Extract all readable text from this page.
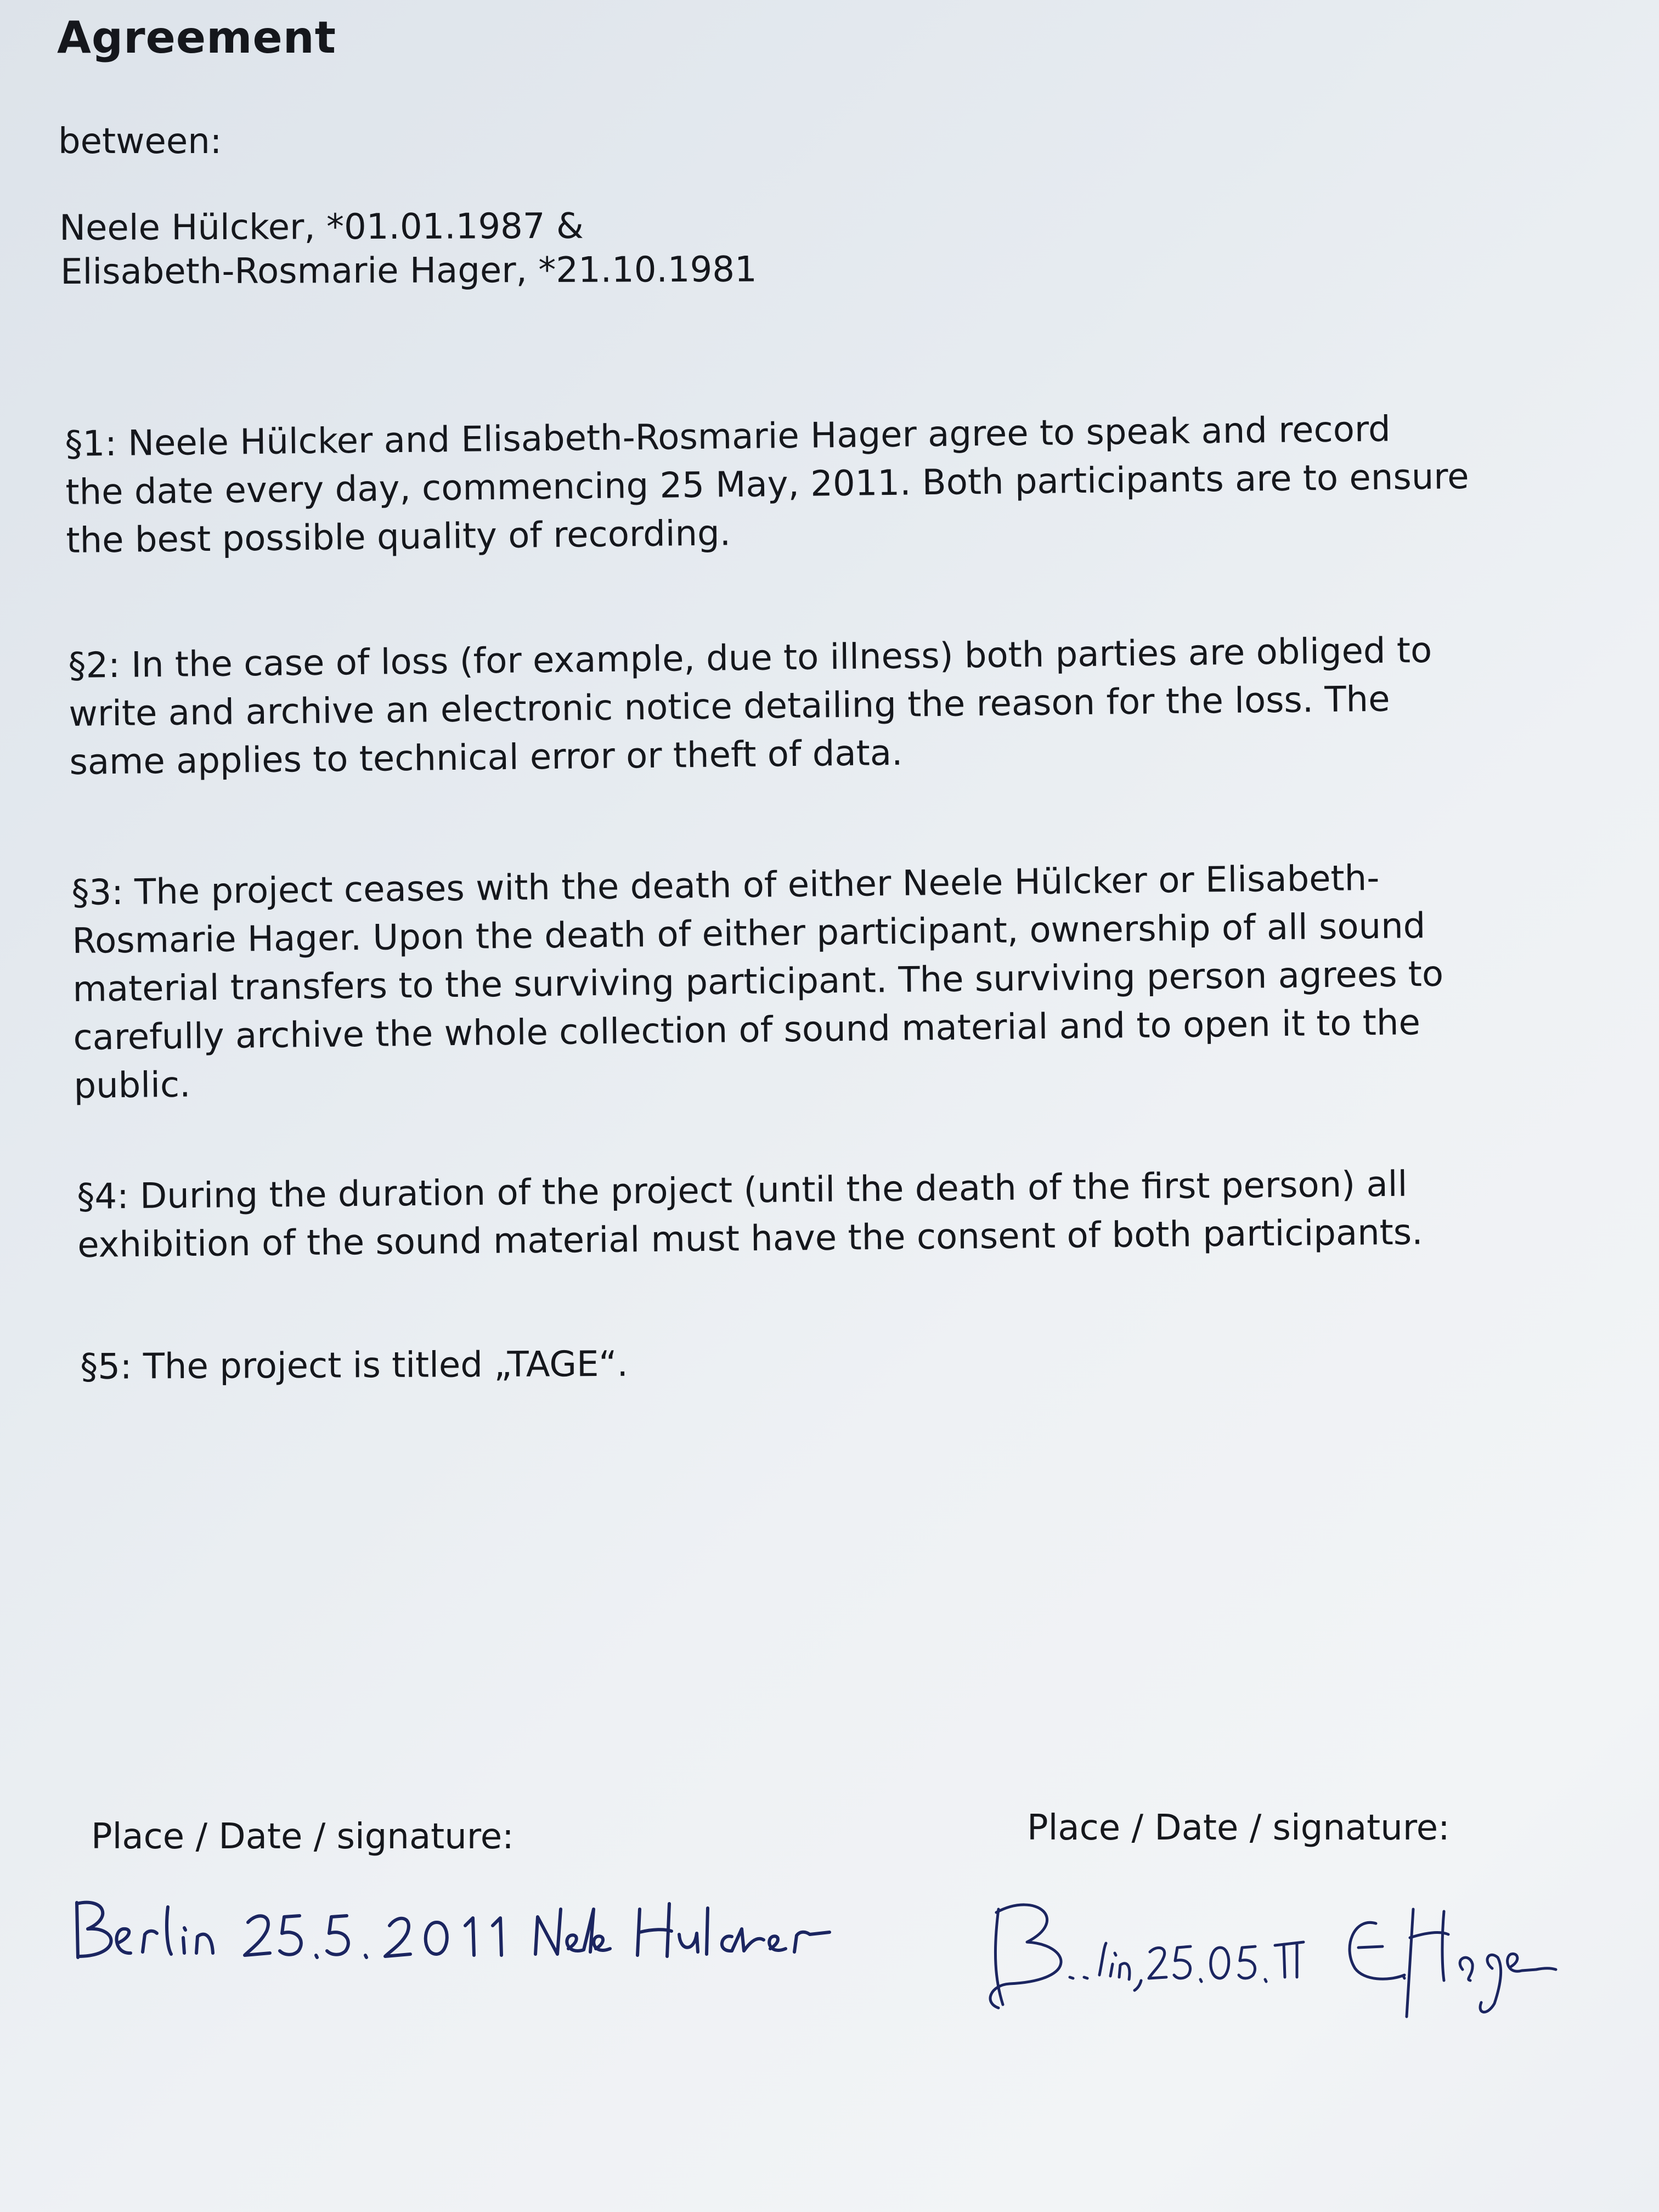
Agreement
between:
Neele Hülcker, *01.01.1987 &
Elisabeth-Rosmarie Hager, *21.10.1981
§1: Neele Hülcker and Elisabeth-Rosmarie Hager agree to speak and record
the date every day, commencing 25 May, 2011. Both participants are to ensure
the best possible quality of recording.
§2: In the case of loss (for example, due to illness) both parties are obliged to
write and archive an electronic notice detailing the reason for the loss. The
same applies to technical error or theft of data.
§3: The project ceases with the death of either Neele Hülcker or Elisabeth-
Rosmarie Hager. Upon the death of either participant, ownership of all sound
material transfers to the surviving participant. The surviving person agrees to
carefully archive the whole collection of sound material and to open it to the
public.
§4: During the duration of the project (until the death of the first person) all
exhibition of the sound material must have the consent of both participants.
§5: The project is titled „TAGE“.
Place / Date / signature:	Place / Date / signature:
